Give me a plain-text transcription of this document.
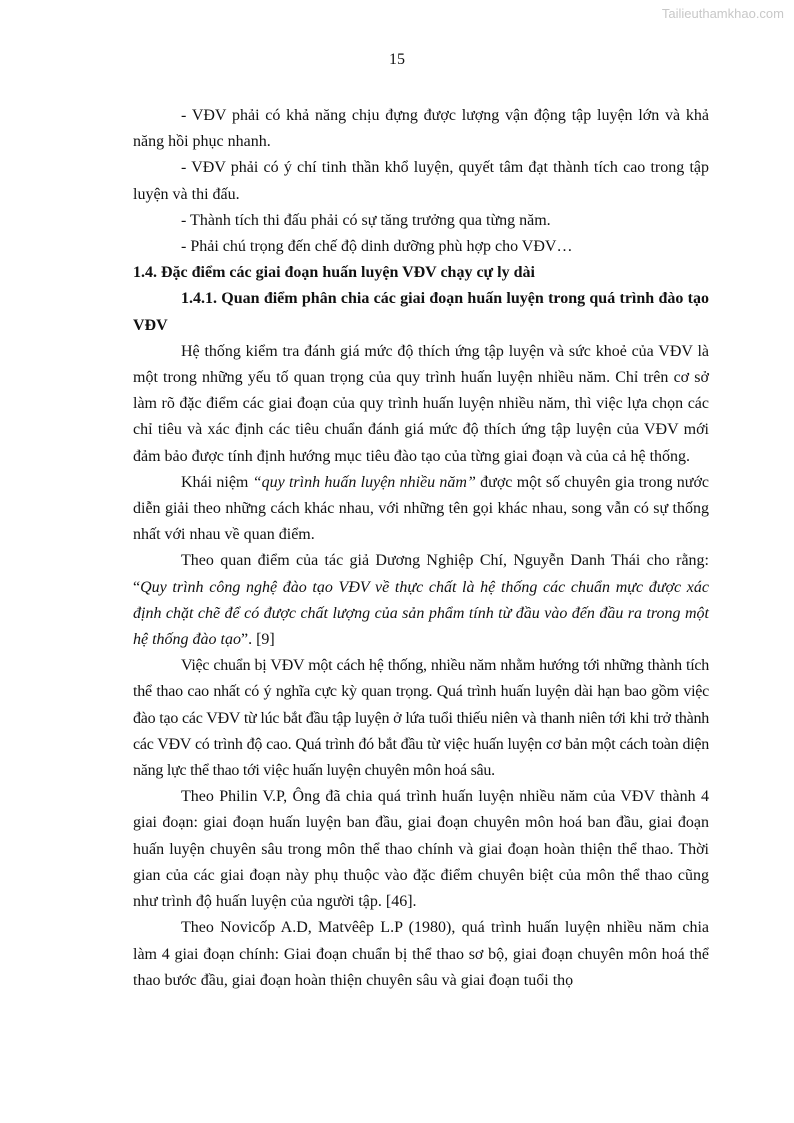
Tailieuthamkhao.com
15

- VĐV phải có khả năng chịu đựng được lượng vận động tập luyện lớn và khả năng hồi phục nhanh.

- VĐV phải có ý chí tinh thần khổ luyện, quyết tâm đạt thành tích cao trong tập luyện và thi đấu.

- Thành tích thi đấu phải có sự tăng trưởng qua từng năm.

- Phải chú trọng đến chế độ dinh dưỡng phù hợp cho VĐV…

1.4. Đặc điểm các giai đoạn huấn luyện VĐV chạy cự ly dài

1.4.1. Quan điểm phân chia các giai đoạn huấn luyện trong quá trình đào tạo VĐV

Hệ thống kiểm tra đánh giá mức độ thích ứng tập luyện và sức khoẻ của VĐV là một trong những yếu tố quan trọng của quy trình huấn luyện nhiều năm. Chỉ trên cơ sở làm rõ đặc điểm các giai đoạn của quy trình huấn luyện nhiều năm, thì việc lựa chọn các chỉ tiêu và xác định các tiêu chuẩn đánh giá mức độ thích ứng tập luyện của VĐV mới đảm bảo được tính định hướng mục tiêu đào tạo của từng giai đoạn và của cả hệ thống.

Khái niệm “quy trình huấn luyện nhiều năm” được một số chuyên gia trong nước diễn giải theo những cách khác nhau, với những tên gọi khác nhau, song vẫn có sự thống nhất với nhau về quan điểm.

Theo quan điểm của tác giả Dương Nghiệp Chí, Nguyễn Danh Thái cho rằng: “Quy trình công nghệ đào tạo VĐV về thực chất là hệ thống các chuẩn mực được xác định chặt chẽ để có được chất lượng của sản phẩm tính từ đầu vào đến đầu ra trong một hệ thống đào tạo”. [9]

Việc chuẩn bị VĐV một cách hệ thống, nhiều năm nhằm hướng tới những thành tích thể thao cao nhất có ý nghĩa cực kỳ quan trọng. Quá trình huấn luyện dài hạn bao gồm việc đào tạo các VĐV từ lúc bắt đầu tập luyện ở lứa tuổi thiếu niên và thanh niên tới khi trở thành các VĐV có trình độ cao. Quá trình đó bắt đầu từ việc huấn luyện cơ bản một cách toàn diện năng lực thể thao tới việc huấn luyện chuyên môn hoá sâu.

Theo Philin V.P, Ông đã chia quá trình huấn luyện nhiều năm của VĐV thành 4 giai đoạn: giai đoạn huấn luyện ban đầu, giai đoạn chuyên môn hoá ban đầu, giai đoạn huấn luyện chuyên sâu trong môn thể thao chính và giai đoạn hoàn thiện thể thao. Thời gian của các giai đoạn này phụ thuộc vào đặc điểm chuyên biệt của môn thể thao cũng như trình độ huấn luyện của người tập. [46].

Theo Novicốp A.D, Matvêêp L.P (1980), quá trình huấn luyện nhiều năm chia làm 4 giai đoạn chính: Giai đoạn chuẩn bị thể thao sơ bộ, giai đoạn chuyên môn hoá thể thao bước đầu, giai đoạn hoàn thiện chuyên sâu và giai đoạn tuổi thọ
